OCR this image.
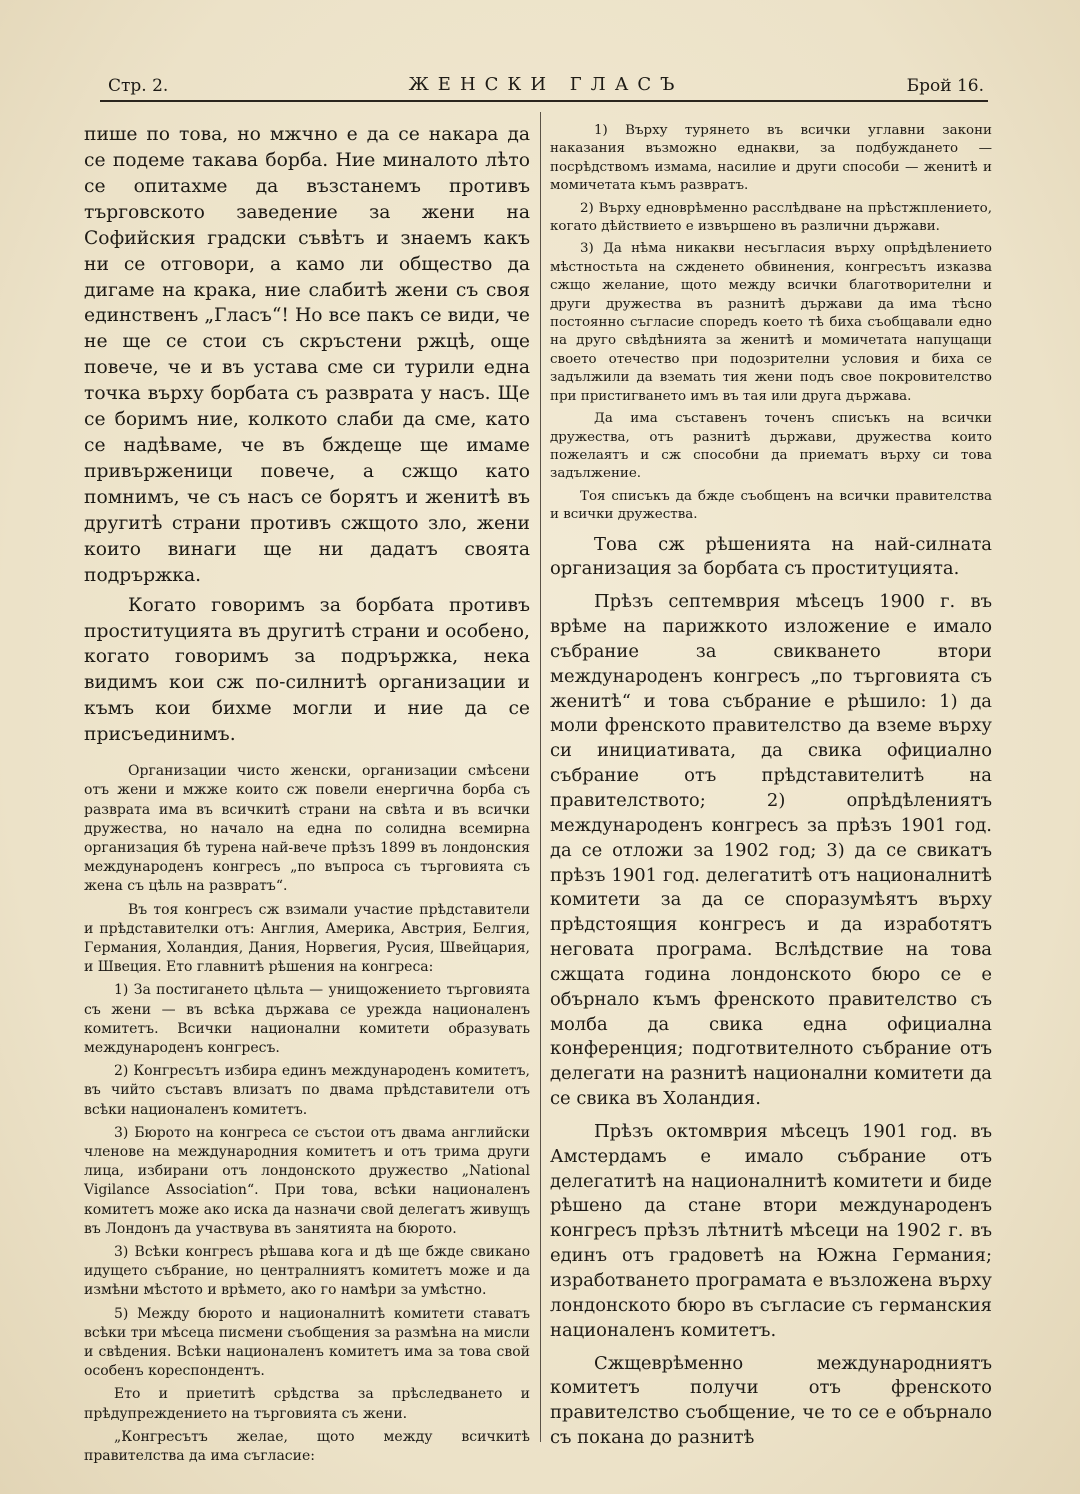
Стр. 2.	ЖЕНСКИ ГЛАСЪ	Брой 16.

пише по това, но мжчно е да се накара да се подеме такава борба. Ние миналото лѣто се опитахме да възстанемъ противъ търговското заведение за жени на Софийския градски съвѣтъ и знаемъ какъ ни се отговори, а камо ли общество да дигаме на крака, ние слабитѣ жени съ своя единственъ „Гласъ“! Но все пакъ се види, че не ще се стои съ скръстени ржцѣ, още повече, че и въ устава сме си турили една точка върху борбата съ разврата у насъ. Ще се боримъ ние, колкото слаби да сме, като се надѣваме, че въ бждеще ще имаме привърженици повече, а сжщо като помнимъ, че съ насъ се борятъ и женитѣ въ другитѣ страни противъ сжщото зло, жени които винаги ще ни дадатъ своята подрържка.

Когато говоримъ за борбата противъ проституцията въ другитѣ страни и особено, когато говоримъ за подрържка, нека видимъ кои сж по-силнитѣ организации и къмъ кои бихме могли и ние да се присъединимъ.

Организации чисто женски, организации смѣсени отъ жени и мжже които сж повели енергична борба съ разврата има въ всичкитѣ страни на свѣта и въ всички дружества, но начало на една по солидна всемирна организация бѣ турена най-вече прѣзъ 1899 въ лондонския международенъ конгресъ „по въпроса съ търговията съ жена съ цѣль на развратъ“.

Въ тоя конгресъ сж взимали участие прѣдставители и прѣдставителки отъ: Англия, Америка, Австрия, Белгия, Германия, Холандия, Дания, Норвегия, Русия, Швейцария, и Швеция. Ето главнитѣ рѣшения на конгреса:

1) За постигането цѣльта — унищожението търговията съ жени — въ всѣка държава се урежда националенъ комитетъ. Всички национални комитети образувать международенъ конгресъ.

2) Конгресътъ избира единъ международенъ комитетъ, въ чийто съставъ влизатъ по двама прѣдставители отъ всѣки националенъ комитетъ.

3) Бюрото на конгреса се състои отъ двама английски членове на международния комитетъ и отъ трима други лица, избирани отъ лондонското дружество „National Vigilance Association“. При това, всѣки националенъ комитетъ може ако иска да назначи свой делегатъ живущъ въ Лондонъ да участвува въ занятията на бюрото.

3) Всѣки конгресъ рѣшава кога и дѣ ще бжде свикано идущето събрание, но централниятъ комитетъ може и да измѣни мѣстото и врѣмето, ако го намѣри за умѣстно.

5) Между бюрото и националнитѣ комитети ставатъ всѣки три мѣсеца писмени съобщения за размѣна на мисли и свѣдения. Всѣки националенъ комитетъ има за това свой особенъ кореспондентъ.

Ето и приетитѣ срѣдства за прѣследването и прѣдупреждението на търговията съ жени.

„Конгресътъ желае, щото между всичкитѣ правителства да има съгласие:

1) Върху турянето въ всички углавни закони наказания възможно еднакви, за подбуждането — посрѣдствомъ измама, насилие и други способи — женитѣ и момичетата къмъ развратъ.

2) Върху едноврѣменно расслѣдване на прѣстжплението, когато дѣйствието е извършено въ различни държави.

3) Да нѣма никакви несъгласия върху опрѣдѣлението мѣстностьта на сжденето обвинения, конгресътъ изказва сжщо желание, щото между всички благотворителни и други дружества въ разнитѣ държави да има тѣсно постоянно съгласие споредъ което тѣ биха съобщавали едно на друго свѣдѣнията за женитѣ и момичетата напущащи своето отечество при подозрителни условия и биха се задължили да вземать тия жени подъ свое покровителство при пристигването имъ въ тая или друга държава.

Да има съставенъ точенъ списъкъ на всички дружества, отъ разнитѣ държави, дружества които пожелаятъ и сж способни да приематъ върху си това задължение.

Тоя списъкъ да бжде съобщенъ на всички правителства и всички дружества.

Това сж рѣшенията на най-силната организация за борбата съ проституцията.

Прѣзъ септемврия мѣсецъ 1900 г. въ врѣме на парижкото изложение е имало събрание за свикването втори международенъ конгресъ „по търговията съ женитѣ“ и това събрание е рѣшило: 1) да моли френското правителство да вземе върху си инициативата, да свика официално събрание отъ прѣдставителитѣ на правителството; 2) опрѣдѣлениятъ международенъ конгресъ за прѣзъ 1901 год. да се отложи за 1902 год; 3) да се свикатъ прѣзъ 1901 год. делегатитѣ отъ националнитѣ комитети за да се споразумѣятъ върху прѣдстоящия конгресъ и да изработятъ неговата програма. Вслѣдствие на това сжщата година лондонското бюро се е обърнало къмъ френското правителство съ молба да свика една официална конференция; подготвителното събрание отъ делегати на разнитѣ национални комитети да се свика въ Холандия.

Прѣзъ октомврия мѣсецъ 1901 год. въ Амстердамъ е имало събрание отъ делегатитѣ на националнитѣ комитети и биде рѣшено да стане втори международенъ конгресъ прѣзъ лѣтнитѣ мѣсеци на 1902 г. въ единъ отъ градоветѣ на Южна Германия; изработването програмата е възложена върху лондонското бюро въ съгласие съ германския националенъ комитетъ.

Сжщеврѣменно международниятъ комитетъ получи отъ френското правителство съобщение, че то се е обърнало съ покана до разнитѣ
